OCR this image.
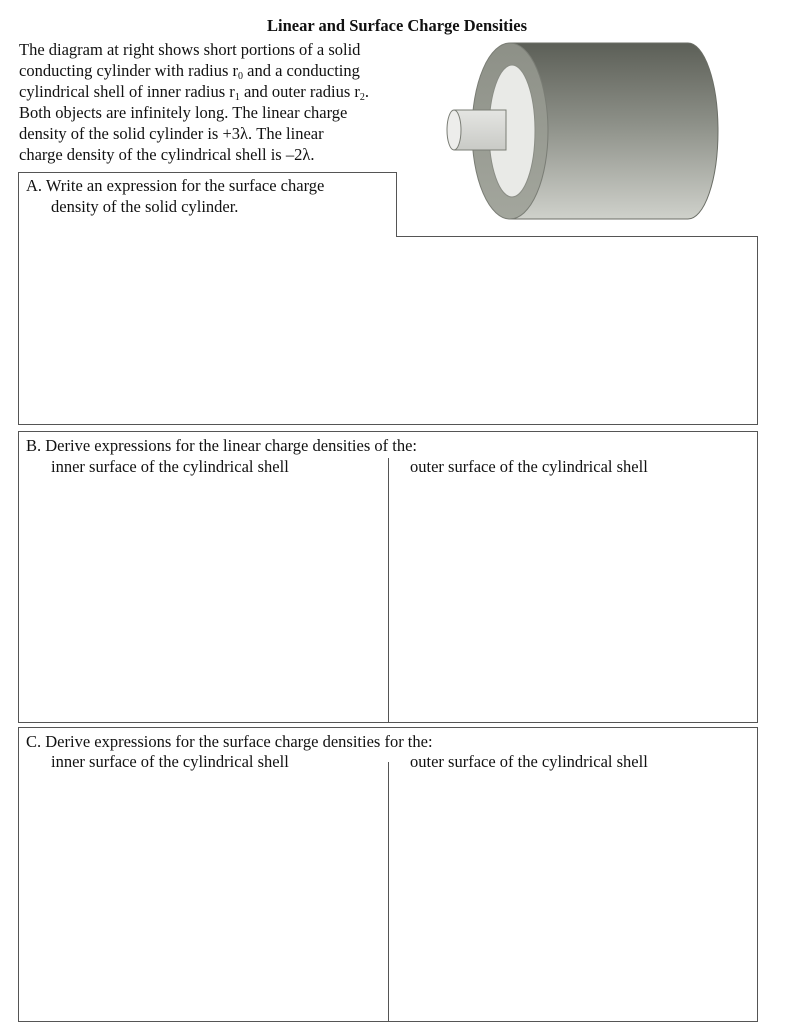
Linear and Surface Charge Densities
The diagram at right shows short portions of a solid
conducting cylinder with radius $r_0$ and a conducting
cylindrical shell of inner radius $r_1$ and outer radius $r_2$.
Both objects are infinitely long. The linear charge
density of the solid cylinder is +3λ. The linear
charge density of the cylindrical shell is –2λ.
A. Write an expression for the surface charge
density of the solid cylinder.
B. Derive expressions for the linear charge densities of the:
inner surface of the cylindrical shell	outer surface of the cylindrical shell
C. Derive expressions for the surface charge densities for the:
inner surface of the cylindrical shell	outer surface of the cylindrical shell
